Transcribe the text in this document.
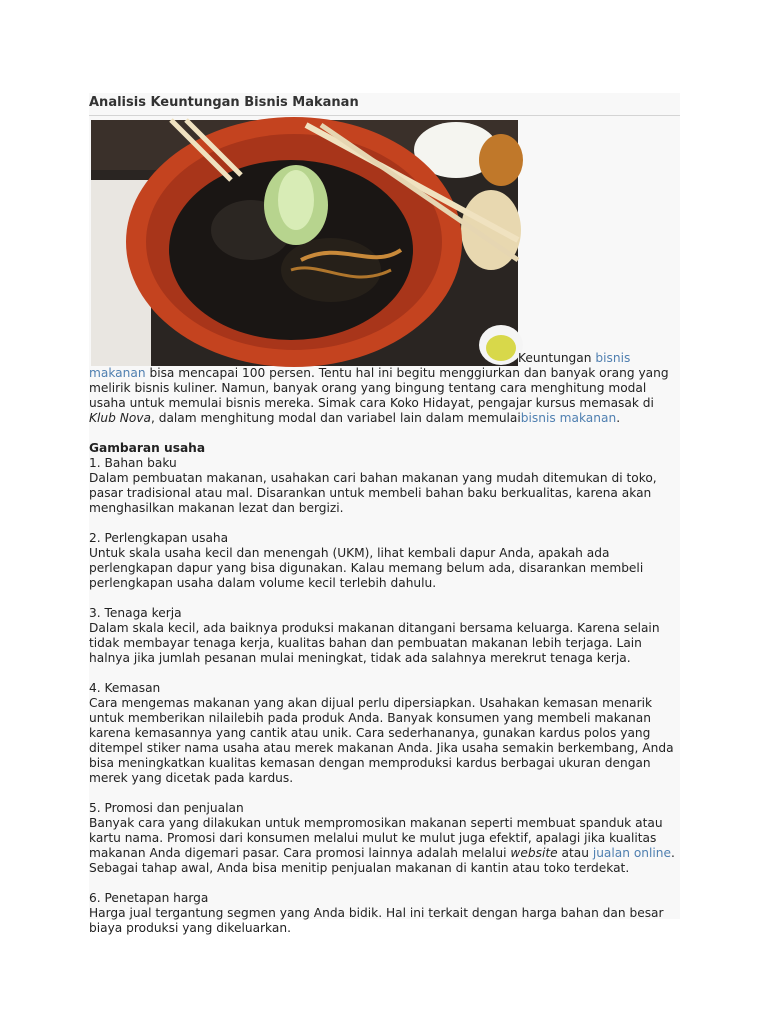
Analisis Keuntungan Bisnis Makanan

Keuntungan bisnis makanan bisa mencapai 100 persen. Tentu hal ini begitu menggiurkan dan banyak orang yang melirik bisnis kuliner. Namun, banyak orang yang bingung tentang cara menghitung modal usaha untuk memulai bisnis mereka. Simak cara Koko Hidayat, pengajar kursus memasak di Klub Nova, dalam menghitung modal dan variabel lain dalam memulaibisnis makanan.

Gambaran usaha
1. Bahan baku
Dalam pembuatan makanan, usahakan cari bahan makanan yang mudah ditemukan di toko, pasar tradisional atau mal. Disarankan untuk membeli bahan baku berkualitas, karena akan menghasilkan makanan lezat dan bergizi.
2. Perlengkapan usaha
Untuk skala usaha kecil dan menengah (UKM), lihat kembali dapur Anda, apakah ada perlengkapan dapur yang bisa digunakan. Kalau memang belum ada, disarankan membeli perlengkapan usaha dalam volume kecil terlebih dahulu.
3. Tenaga kerja
Dalam skala kecil, ada baiknya produksi makanan ditangani bersama keluarga. Karena selain tidak membayar tenaga kerja, kualitas bahan dan pembuatan makanan lebih terjaga. Lain halnya jika jumlah pesanan mulai meningkat, tidak ada salahnya merekrut tenaga kerja.
4. Kemasan
Cara mengemas makanan yang akan dijual perlu dipersiapkan. Usahakan kemasan menarik untuk memberikan nilailebih pada produk Anda. Banyak konsumen yang membeli makanan karena kemasannya yang cantik atau unik. Cara sederhananya, gunakan kardus polos yang ditempel stiker nama usaha atau merek makanan Anda. Jika usaha semakin berkembang, Anda bisa meningkatkan kualitas kemasan dengan memproduksi kardus berbagai ukuran dengan merek yang dicetak pada kardus.
5. Promosi dan penjualan
Banyak cara yang dilakukan untuk mempromosikan makanan seperti membuat spanduk atau kartu nama. Promosi dari konsumen melalui mulut ke mulut juga efektif, apalagi jika kualitas makanan Anda digemari pasar. Cara promosi lainnya adalah melalui website atau jualan online. Sebagai tahap awal, Anda bisa menitip penjualan makanan di kantin atau toko terdekat.
6. Penetapan harga
Harga jual tergantung segmen yang Anda bidik. Hal ini terkait dengan harga bahan dan besar biaya produksi yang dikeluarkan.
